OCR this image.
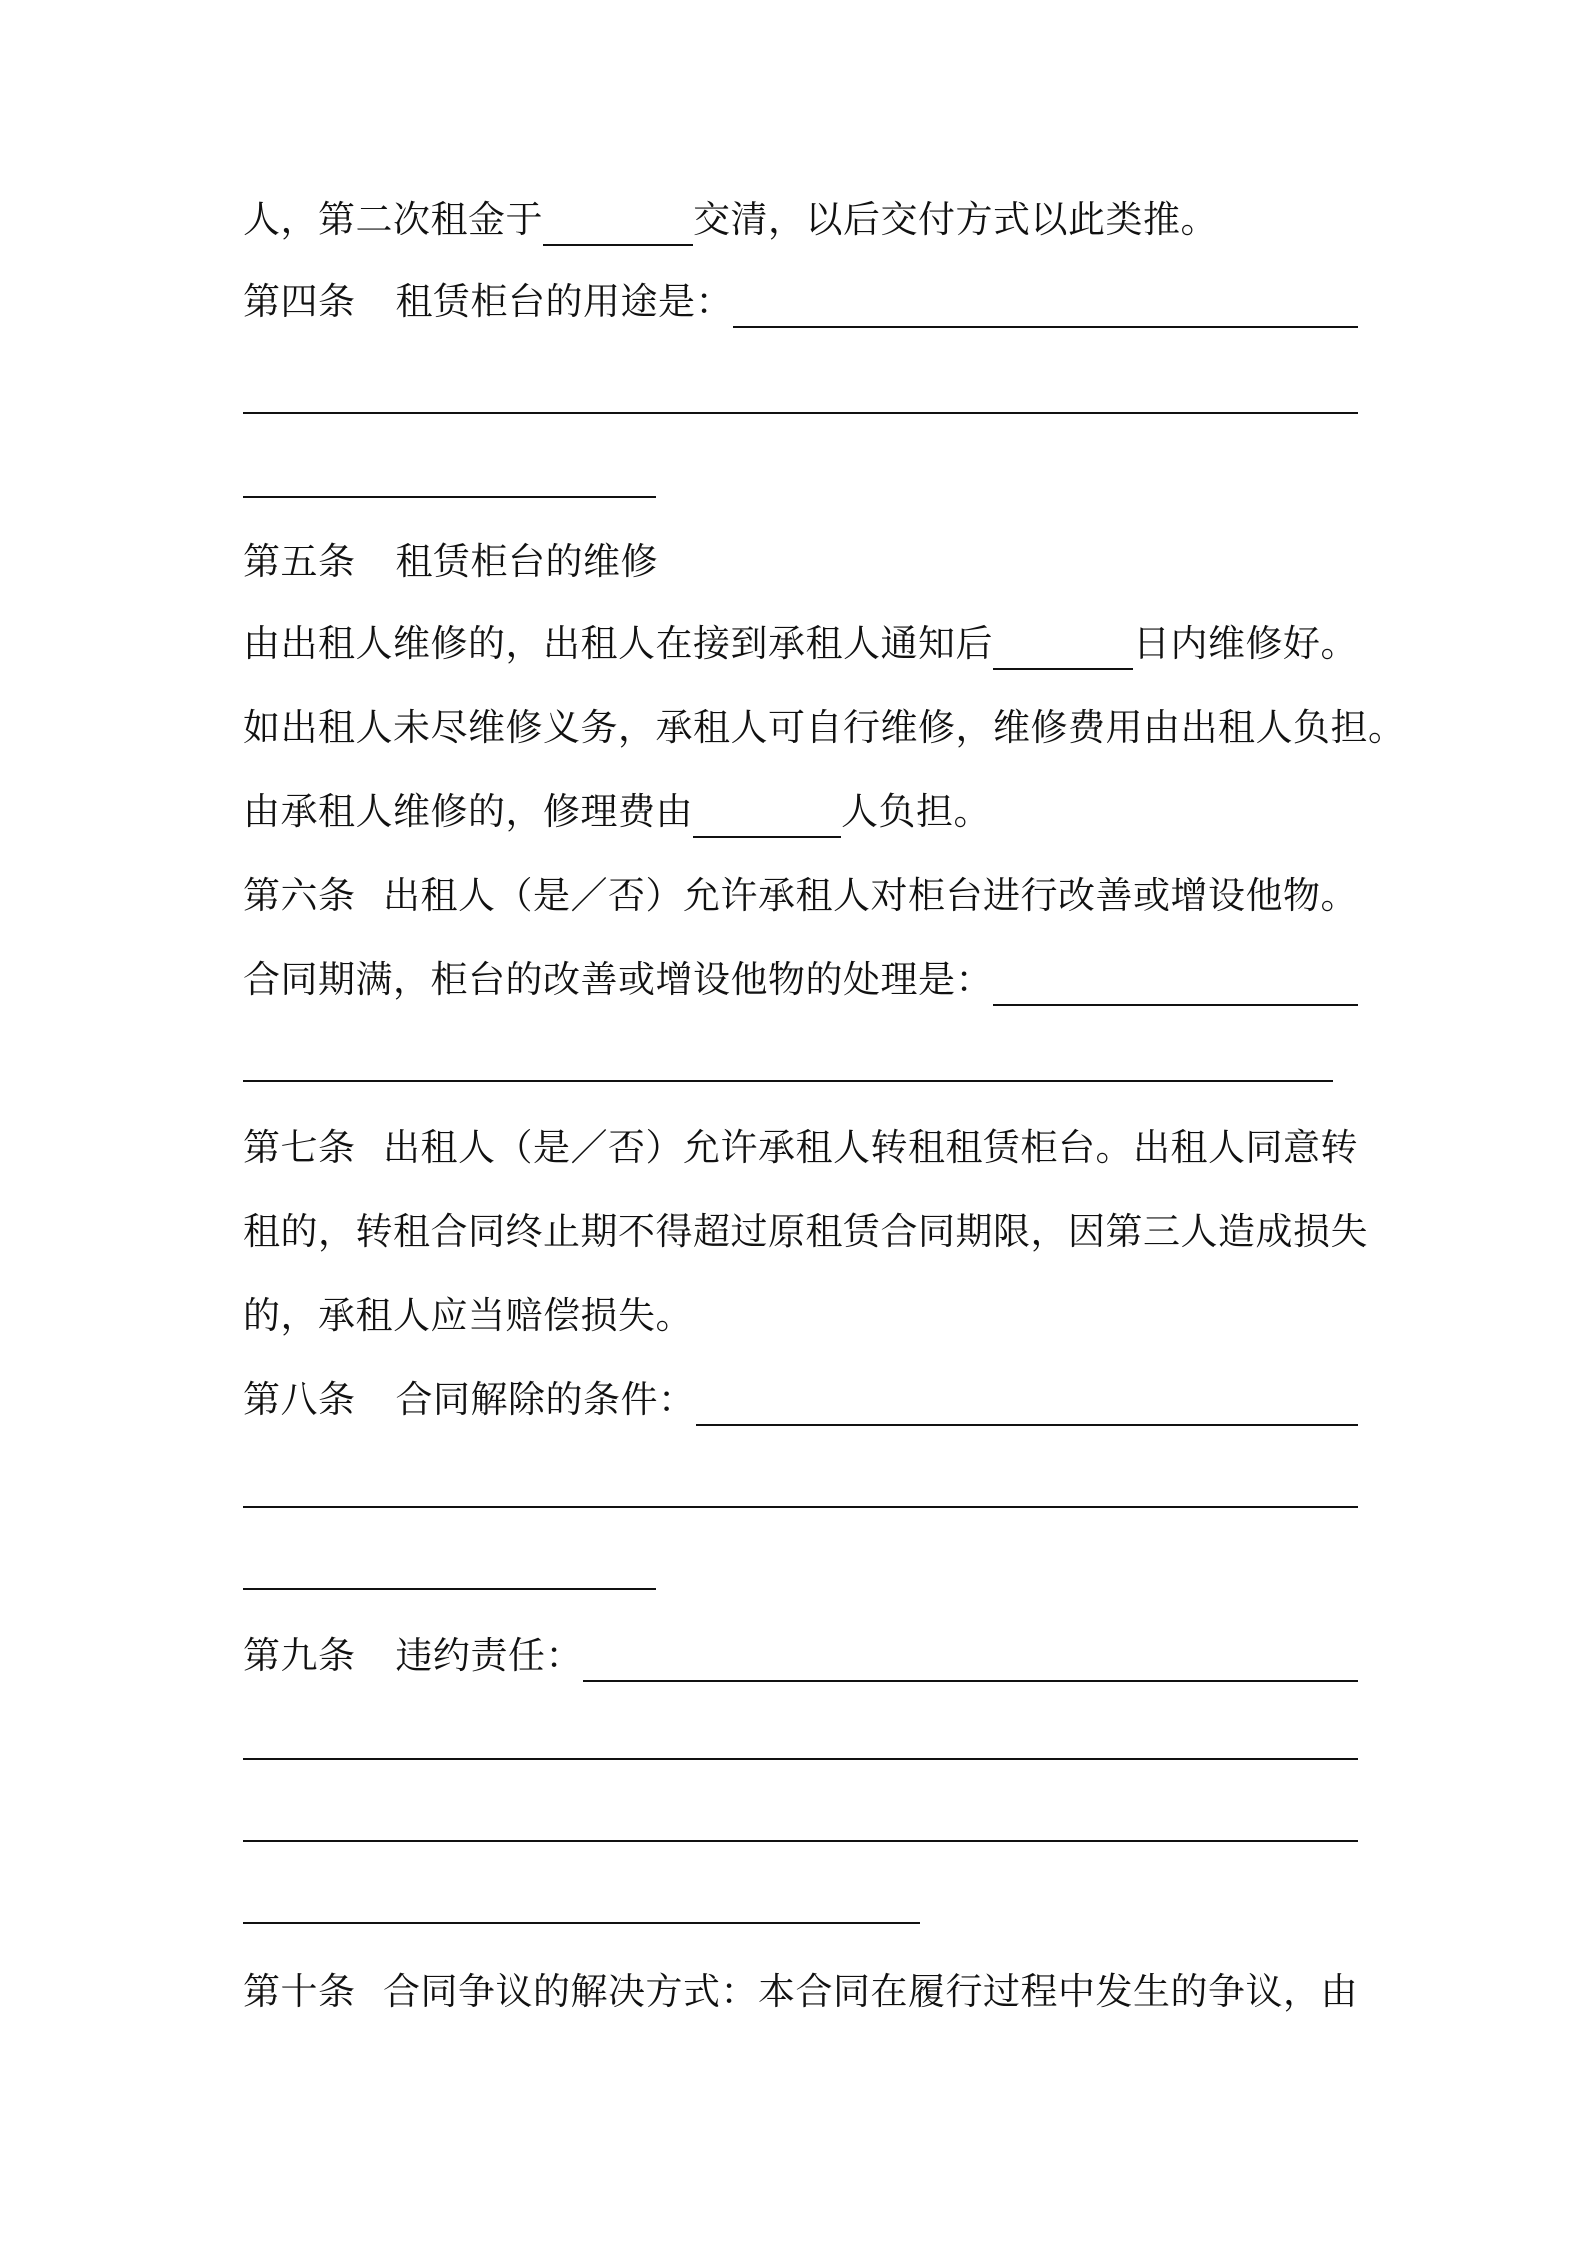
人，第二次租金于	交清，以后交付方式以此类推。
第四条 租赁柜台的用途是：
第五条 租赁柜台的维修
由出租人维修的，出租人在接到承租人通知后	日内维修好。
如出租人未尽维修义务，承租人可自行维修，维修费用由出租人负担。
由承租人维修的，修理费由	人负担。
第六条 出租人（是／否）允许承租人对柜台进行改善或增设他物。
合同期满，柜台的改善或增设他物的处理是：
第七条 出租人（是／否）允许承租人转租租赁柜台。出租人同意转
租的，转租合同终止期不得超过原租赁合同期限，因第三人造成损失
的，承租人应当赔偿损失。
第八条 合同解除的条件：
第九条 违约责任：
第十条 合同争议的解决方式：本合同在履行过程中发生的争议，由
